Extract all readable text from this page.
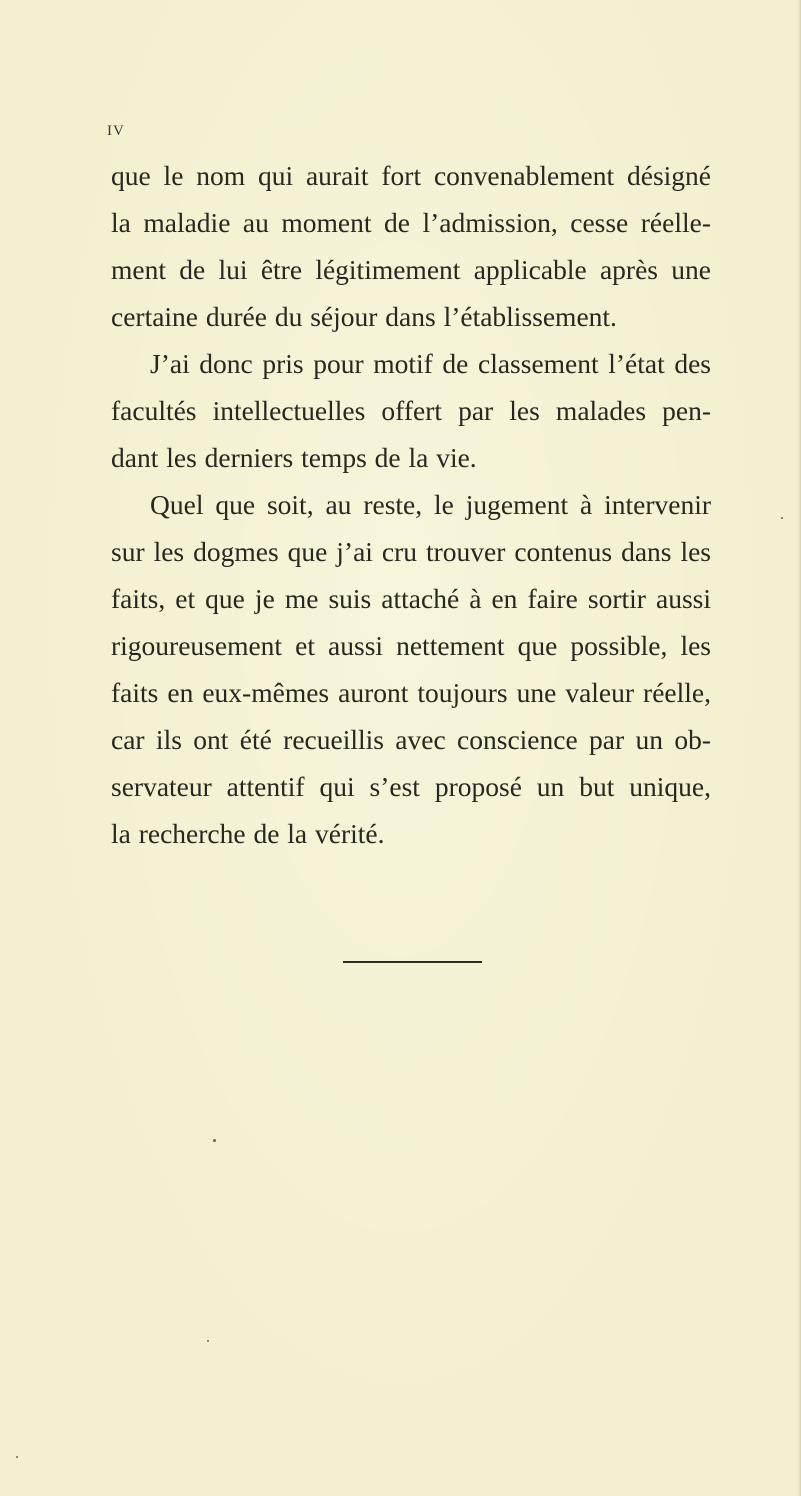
IV
que le nom qui aurait fort convenablement désigné
la maladie au moment de l’admission, cesse réelle-
ment de lui être légitimement applicable après une
certaine durée du séjour dans l’établissement.
J’ai donc pris pour motif de classement l’état des
facultés intellectuelles offert par les malades pen-
dant les derniers temps de la vie.
Quel que soit, au reste, le jugement à intervenir
sur les dogmes que j’ai cru trouver contenus dans les
faits, et que je me suis attaché à en faire sortir aussi
rigoureusement et aussi nettement que possible, les
faits en eux-mêmes auront toujours une valeur réelle,
car ils ont été recueillis avec conscience par un ob-
servateur attentif qui s’est proposé un but unique,
la recherche de la vérité.
